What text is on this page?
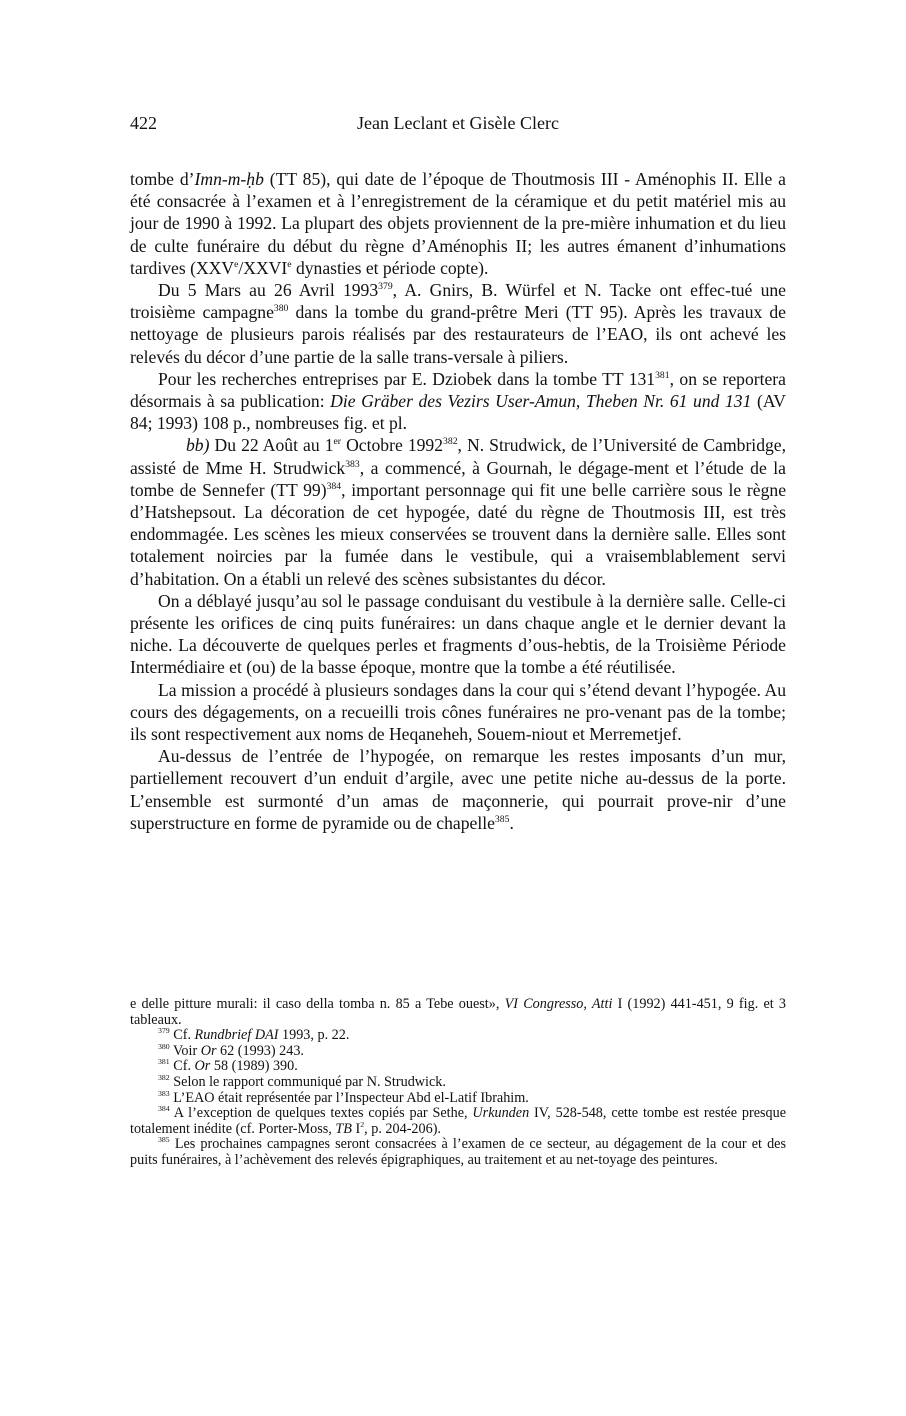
422	Jean Leclant et Gisèle Clerc

tombe d’Imn-m-ḥb (TT 85), qui date de l’époque de Thoutmosis III - Aménophis II. Elle a été consacrée à l’examen et à l’enregistrement de la céramique et du petit matériel mis au jour de 1990 à 1992. La plupart des objets proviennent de la pre-mière inhumation et du lieu de culte funéraire du début du règne d’Aménophis II; les autres émanent d’inhumations tardives (XXVe/XXVIe dynasties et période copte).

Du 5 Mars au 26 Avril 1993$^{379}$, A. Gnirs, B. Würfel et N. Tacke ont effec-tué une troisième campagne$^{380}$ dans la tombe du grand-prêtre Meri (TT 95). Après les travaux de nettoyage de plusieurs parois réalisés par des restaurateurs de l’EAO, ils ont achevé les relevés du décor d’une partie de la salle trans-versale à piliers.

Pour les recherches entreprises par E. Dziobek dans la tombe TT $131^{381}$, on se reportera désormais à sa publication: Die Gräber des Vezirs User-Amun, Theben Nr. 61 und 131 (AV 84; 1993) 108 p., nombreuses fig. et pl.

bb) Du 22 Août au 1er Octobre 1992$^{382}$, N. Strudwick, de l’Université de Cambridge, assisté de Mme H. Strudwick$^{383}$, a commencé, à Gournah, le dégage-ment et l’étude de la tombe de Sennefer (TT 99)$^{384}$, important personnage qui fit une belle carrière sous le règne d’Hatshepsout. La décoration de cet hypogée, daté du règne de Thoutmosis III, est très endommagée. Les scènes les mieux conservées se trouvent dans la dernière salle. Elles sont totalement noircies par la fumée dans le vestibule, qui a vraisemblablement servi d’habitation. On a établi un relevé des scènes subsistantes du décor.

On a déblayé jusqu’au sol le passage conduisant du vestibule à la dernière salle. Celle-ci présente les orifices de cinq puits funéraires: un dans chaque angle et le dernier devant la niche. La découverte de quelques perles et fragments d’ous-hebtis, de la Troisième Période Intermédiaire et (ou) de la basse époque, montre que la tombe a été réutilisée.

La mission a procédé à plusieurs sondages dans la cour qui s’étend devant l’hypogée. Au cours des dégagements, on a recueilli trois cônes funéraires ne pro-venant pas de la tombe; ils sont respectivement aux noms de Heqaneheh, Souem-niout et Merremetjef.

Au-dessus de l’entrée de l’hypogée, on remarque les restes imposants d’un mur, partiellement recouvert d’un enduit d’argile, avec une petite niche au-dessus de la porte. L’ensemble est surmonté d’un amas de maçonnerie, qui pourrait prove-nir d’une superstructure en forme de pyramide ou de chapelle$^{385}$.

e delle pitture murali: il caso della tomba n. 85 a Tebe ouest», VI Congresso, Atti I (1992) 441-451, 9 fig. et 3 tableaux.

$^{379}$ Cf. Rundbrief DAI 1993, p. 22.

$^{380}$ Voir Or 62 (1993) 243.

$^{381}$ Cf. Or 58 (1989) 390.

$^{382}$ Selon le rapport communiqué par N. Strudwick.

$^{383}$ L’EAO était représentée par l’Inspecteur Abd el-Latif Ibrahim.

$^{384}$ A l’exception de quelques textes copiés par Sethe, Urkunden IV, 528-548, cette tombe est restée presque totalement inédite (cf. Porter-Moss, TB $I^2$, p. 204-206).

$^{385}$ Les prochaines campagnes seront consacrées à l’examen de ce secteur, au dégagement de la cour et des puits funéraires, à l’achèvement des relevés épigraphiques, au traitement et au net-toyage des peintures.
